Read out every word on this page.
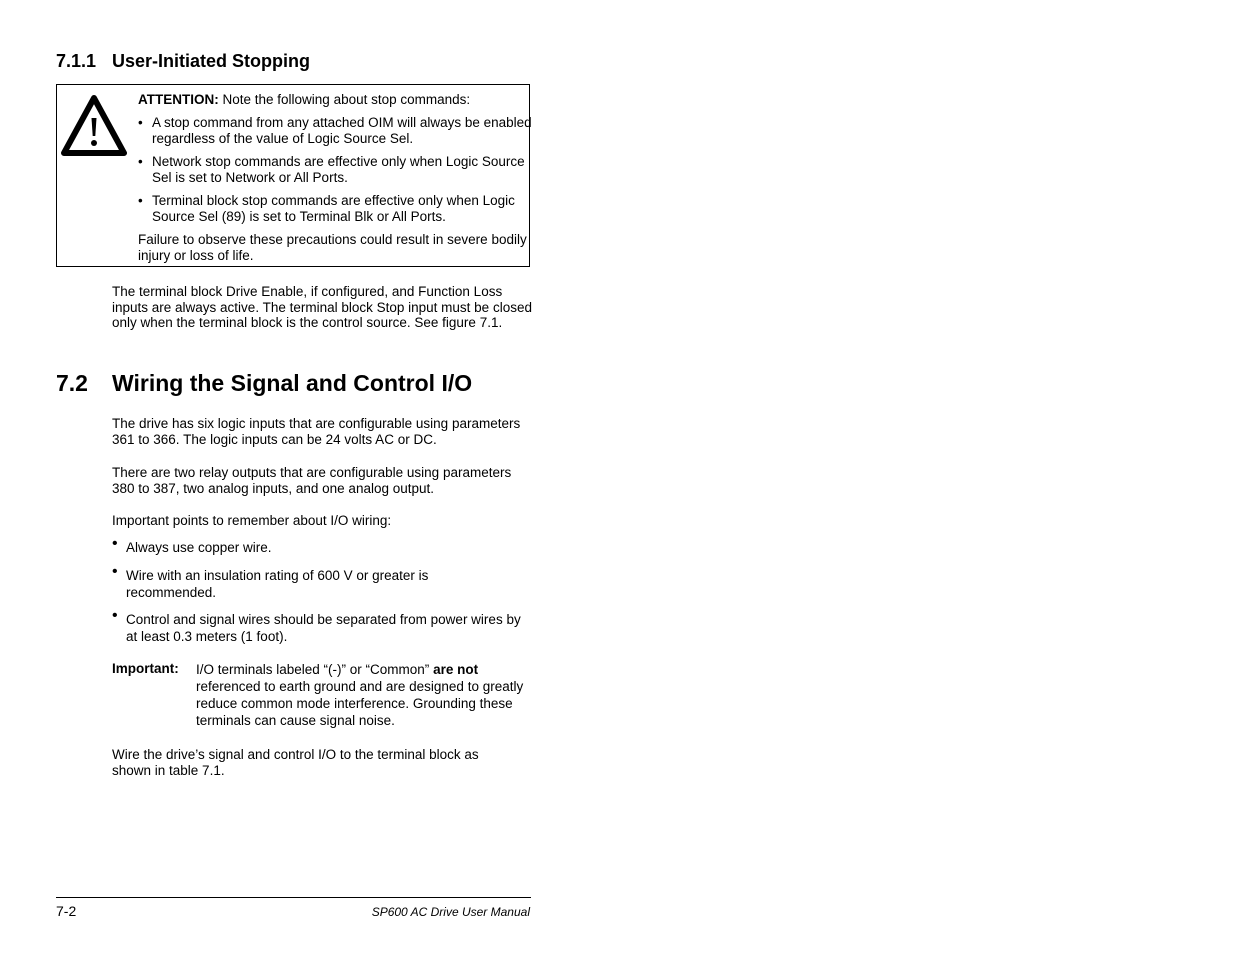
7.1.1 User-Initiated Stopping

ATTENTION: Note the following about stop commands:

• A stop command from any attached OIM will always be enabled regardless of the value of Logic Source Sel.
• Network stop commands are effective only when Logic Source Sel is set to Network or All Ports.
• Terminal block stop commands are effective only when Logic Source Sel (89) is set to Terminal Blk or All Ports.

Failure to observe these precautions could result in severe bodily injury or loss of life.

The terminal block Drive Enable, if configured, and Function Loss inputs are always active. The terminal block Stop input must be closed only when the terminal block is the control source. See figure 7.1.
7.2 Wiring the Signal and Control I/O
The drive has six logic inputs that are configurable using parameters 361 to 366. The logic inputs can be 24 volts AC or DC.
There are two relay outputs that are configurable using parameters 380 to 387, two analog inputs, and one analog output.
Important points to remember about I/O wiring:
• Always use copper wire.
• Wire with an insulation rating of 600 V or greater is recommended.
• Control and signal wires should be separated from power wires by at least 0.3 meters (1 foot).
Important: I/O terminals labeled “(-)” or “Common” are not referenced to earth ground and are designed to greatly reduce common mode interference. Grounding these terminals can cause signal noise.
Wire the drive’s signal and control I/O to the terminal block as shown in table 7.1.
7-2	SP600 AC Drive User Manual
